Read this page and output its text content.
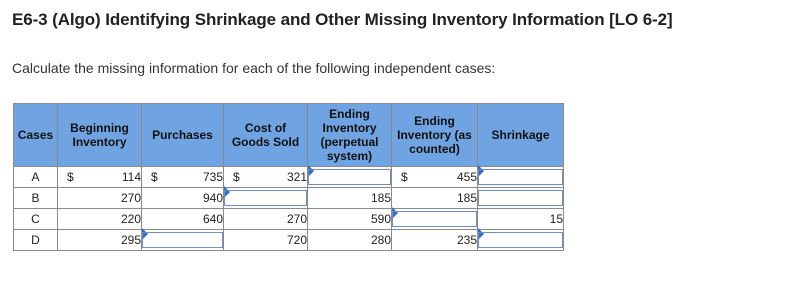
E6-3 (Algo) Identifying Shrinkage and Other Missing Inventory Information [LO 6-2]
Calculate the missing information for each of the following independent cases:
Cases	Beginning Inventory	Purchases	Cost of Goods Sold	Ending Inventory (perpetual system)	Ending Inventory (as counted)	Shrinkage
A	$ 114	$ 735	$ 321		$ 455

B	270	940		185	185	

C	220	640	270	590		15
D	295		720	280	235
